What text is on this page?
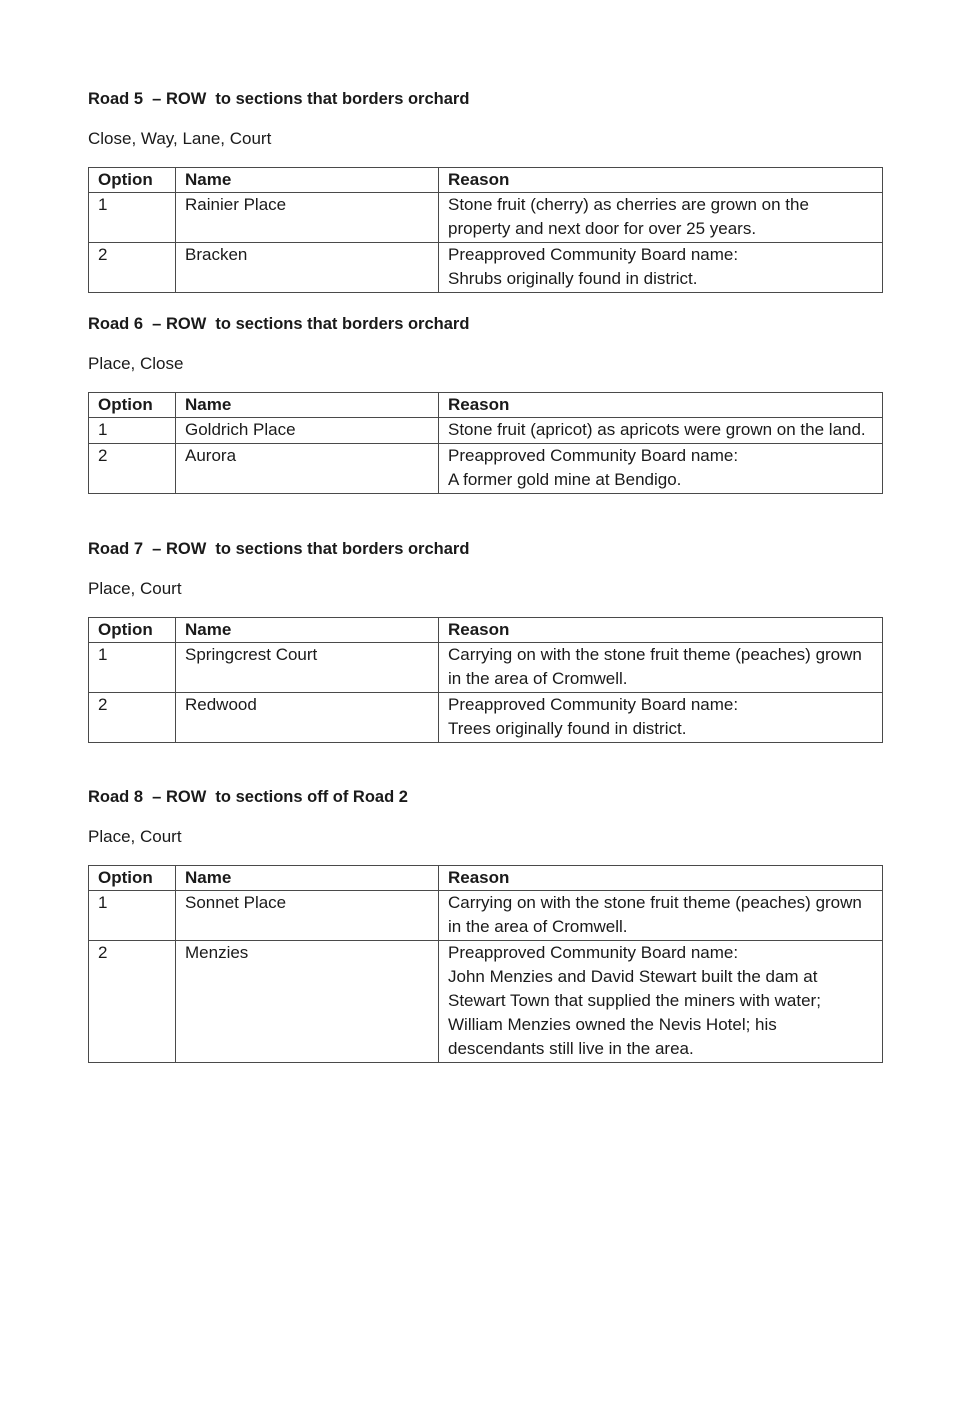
Road 5  – ROW  to sections that borders orchard

Close, Way, Lane, Court

Option	Name	Reason
1	Rainier Place	Stone fruit (cherry) as cherries are grown on the property and next door for over 25 years.

2	Bracken	Preapproved Community Board name:
Shrubs originally found in district.

Road 6  – ROW  to sections that borders orchard

Place, Close

Option	Name	Reason
1	Goldrich Place	Stone fruit (apricot) as apricots were grown on the land.

2	Aurora	Preapproved Community Board name:
A former gold mine at Bendigo.

Road 7  – ROW  to sections that borders orchard

Place, Court

Option	Name	Reason
1	Springcrest Court	Carrying on with the stone fruit theme (peaches) grown in the area of Cromwell.

2	Redwood	Preapproved Community Board name:
Trees originally found in district.

Road 8  – ROW  to sections off of Road 2

Place, Court

Option	Name	Reason
1	Sonnet Place	Carrying on with the stone fruit theme (peaches) grown in the area of Cromwell.

2	Menzies	Preapproved Community Board name:
John Menzies and David Stewart built the dam at Stewart Town that supplied the miners with water; William Menzies owned the Nevis Hotel; his descendants still live in the area.
